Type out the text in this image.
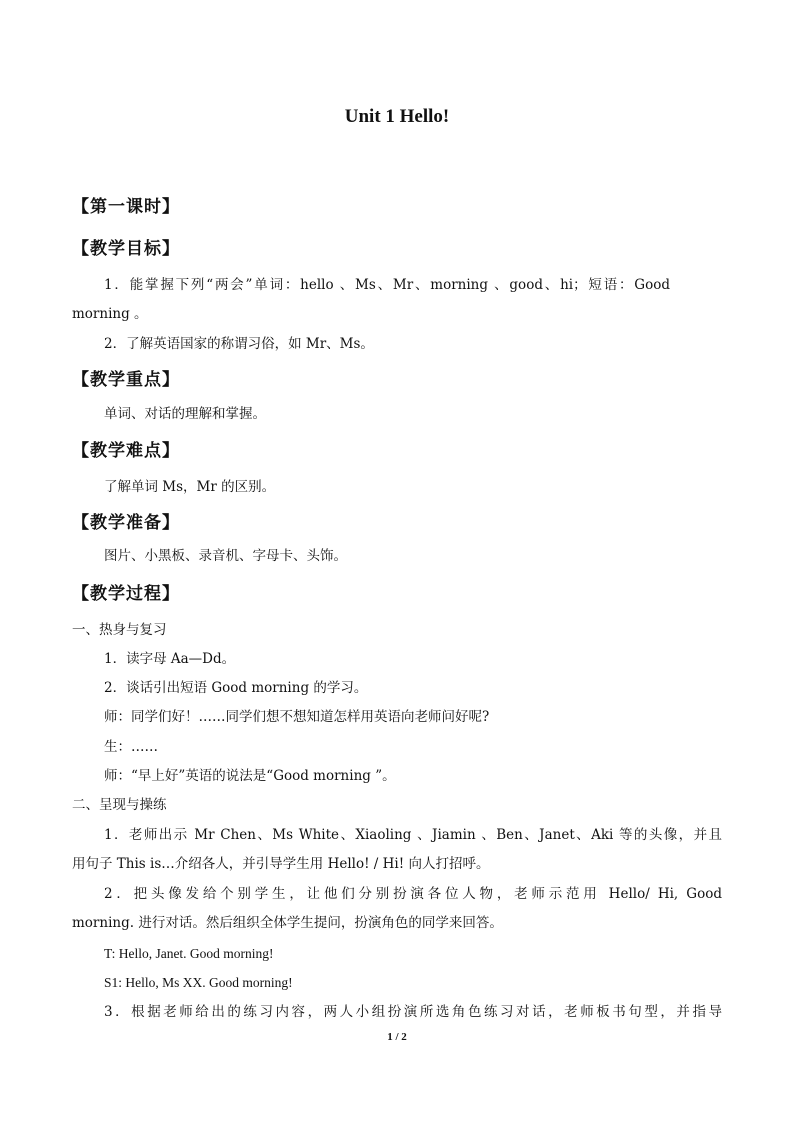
Unit 1 Hello!
【第一课时】
【教学目标】
1．能掌握下列“两会”单词：hello 、Ms、Mr、morning 、good、hi；短语：Good
morning 。
2．了解英语国家的称谓习俗，如 Mr、Ms。
【教学重点】
单词、对话的理解和掌握。
【教学难点】
了解单词 Ms，Mr 的区别。
【教学准备】
图片、小黑板、录音机、字母卡、头饰。
【教学过程】
一、热身与复习
1．读字母 Aa—Dd。
2．谈话引出短语 Good morning 的学习。
师：同学们好！……同学们想不想知道怎样用英语向老师问好呢?
生：……
师：“早上好”英语的说法是“Good morning ”。
二、呈现与操练
1．老师出示 Mr Chen、Ms White、Xiaoling 、Jiamin 、Ben、Janet、Aki 等的头像，并且
用句子 This is…介绍各人，并引导学生用 Hello! / Hi! 向人打招呼。
2．把头像发给个别学生，让他们分别扮演各位人物，老师示范用 Hello/ Hi, Good
morning. 进行对话。然后组织全体学生提问，扮演角色的同学来回答。
T: Hello, Janet. Good morning!
S1: Hello, Ms XX. Good morning!
3．根据老师给出的练习内容，两人小组扮演所选角色练习对话，老师板书句型，并指导
1 / 2
